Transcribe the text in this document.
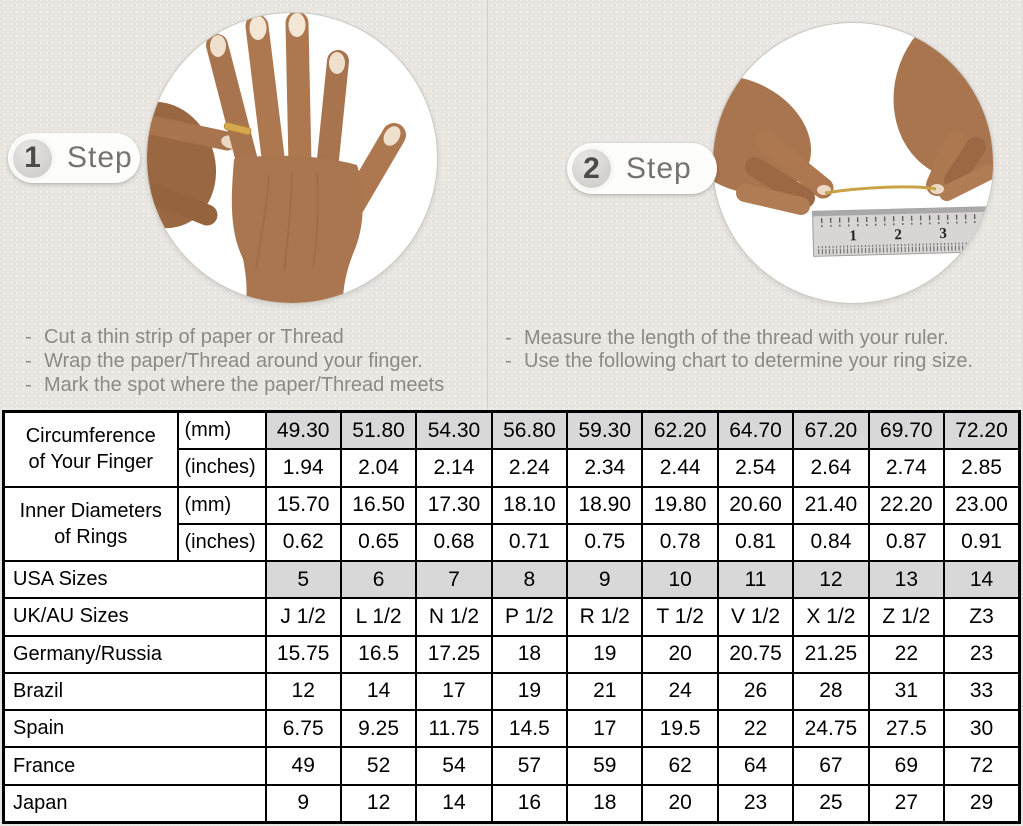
1 2 3
1 Step	2 Step
- Cut a thin strip of paper or Thread
- Wrap the paper/Thread around your finger.
- Mark the spot where the paper/Thread meets
- Measure the length of the thread with your ruler.
- Use the following chart to determine your ring size.
Circumference
of Your Finger	(mm)	49.30	51.80	54.30	56.80	59.30	62.20	64.70	67.20	69.70	72.20
	(inches)	1.94	2.04	2.14	2.24	2.34	2.44	2.54	2.64	2.74	2.85
Inner Diameters
of Rings	(mm)	15.70	16.50	17.30	18.10	18.90	19.80	20.60	21.40	22.20	23.00
	(inches)	0.62	0.65	0.68	0.71	0.75	0.78	0.81	0.84	0.87	0.91
USA Sizes		5	6	7	8	9	10	11	12	13	14
UK/AU Sizes		J 1/2	L 1/2	N 1/2	P 1/2	R 1/2	T 1/2	V 1/2	X 1/2	Z 1/2	Z3
Germany/Russia		15.75	16.5	17.25	18	19	20	20.75	21.25	22	23
Brazil		12	14	17	19	21	24	26	28	31	33
Spain		6.75	9.25	11.75	14.5	17	19.5	22	24.75	27.5	30
France		49	52	54	57	59	62	64	67	69	72
Japan		9	12	14	16	18	20	23	25	27	29
